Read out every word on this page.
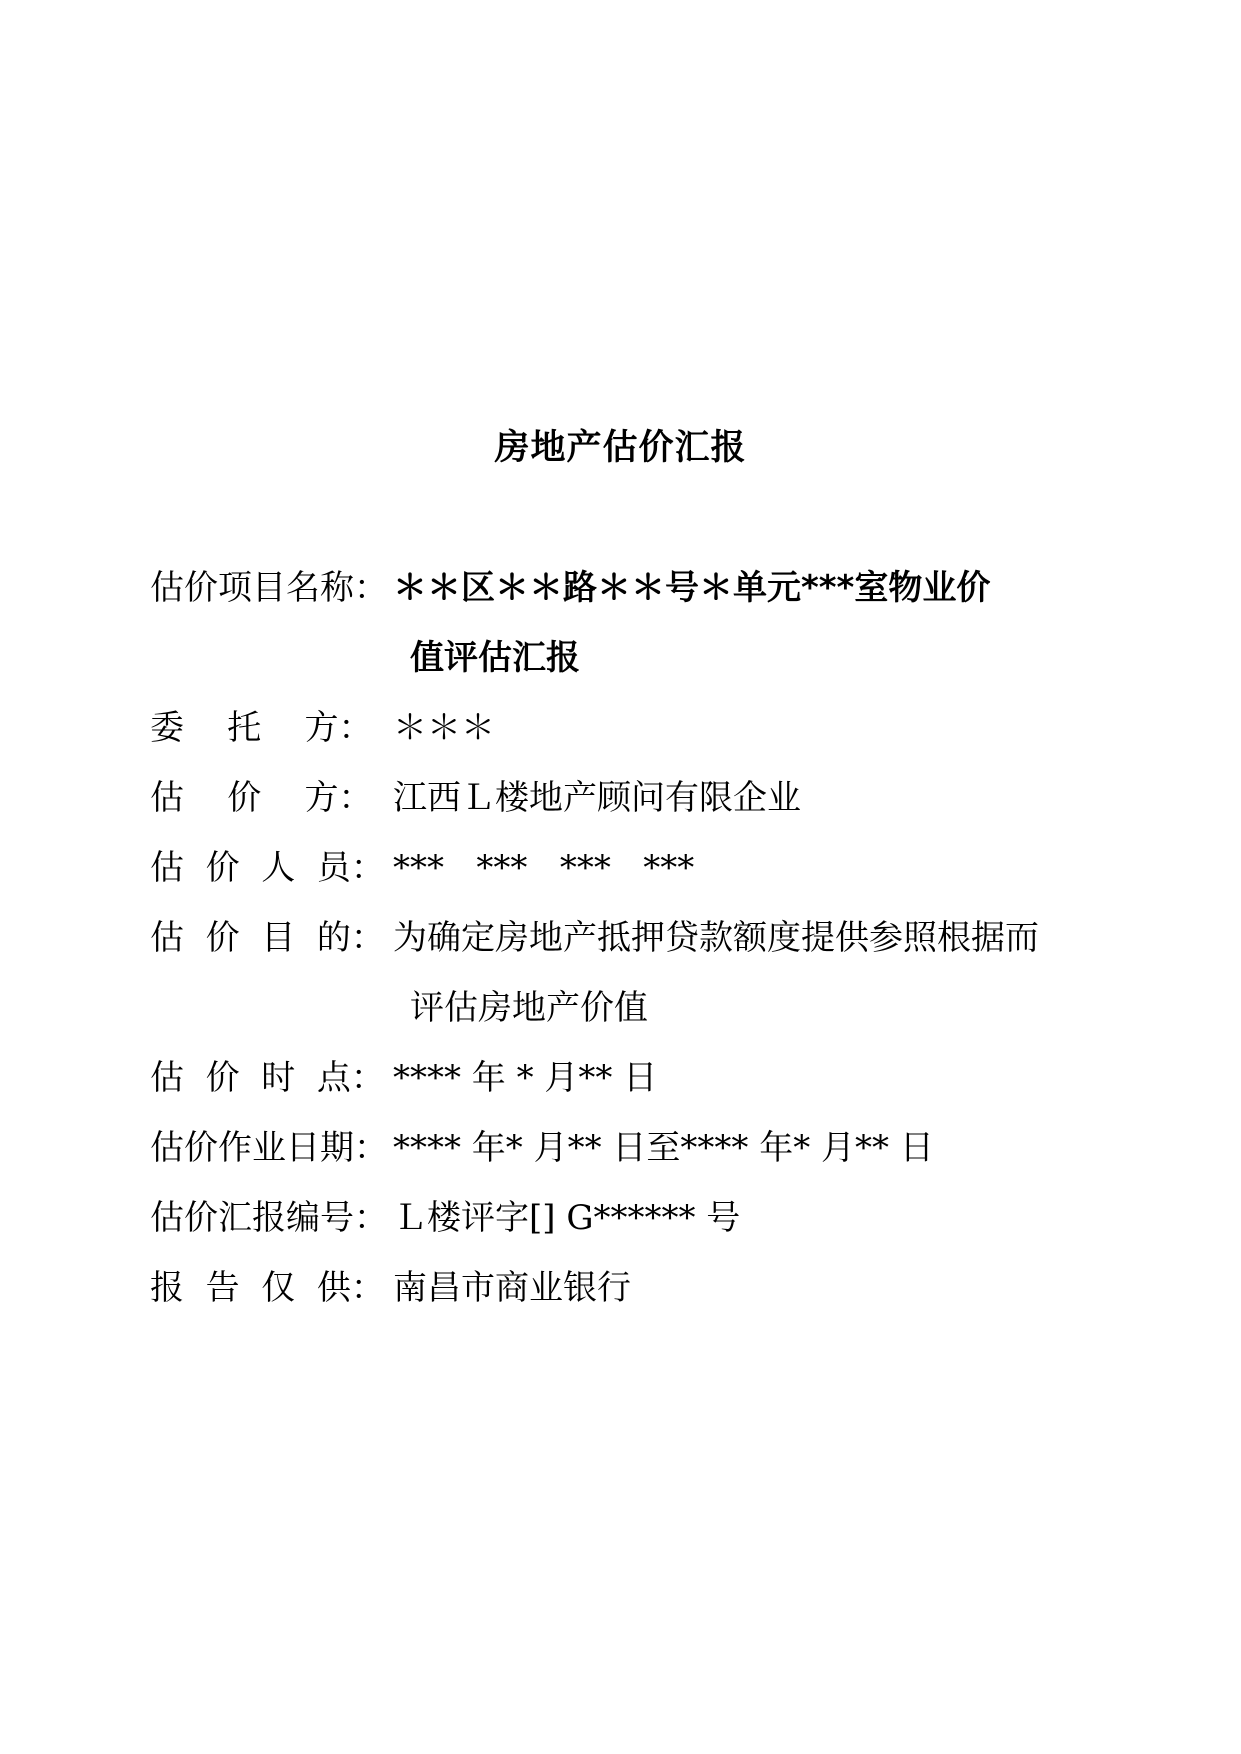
房地产估价汇报
估价项目名称： ＊＊区＊＊路＊＊号＊单元***室物业价
值评估汇报
委    托    方： ＊＊＊
估    价    方： 江西Ｌ楼地产顾问有限企业
估  价  人  员： ***   ***   ***   ***
估  价  目  的： 为确定房地产抵押贷款额度提供参照根据而
评估房地产价值
估  价  时  点： **** 年 * 月** 日
估价作业日期： **** 年* 月** 日至**** 年* 月** 日
估价汇报编号： Ｌ楼评字[] G****** 号
报  告  仅  供： 南昌市商业银行
